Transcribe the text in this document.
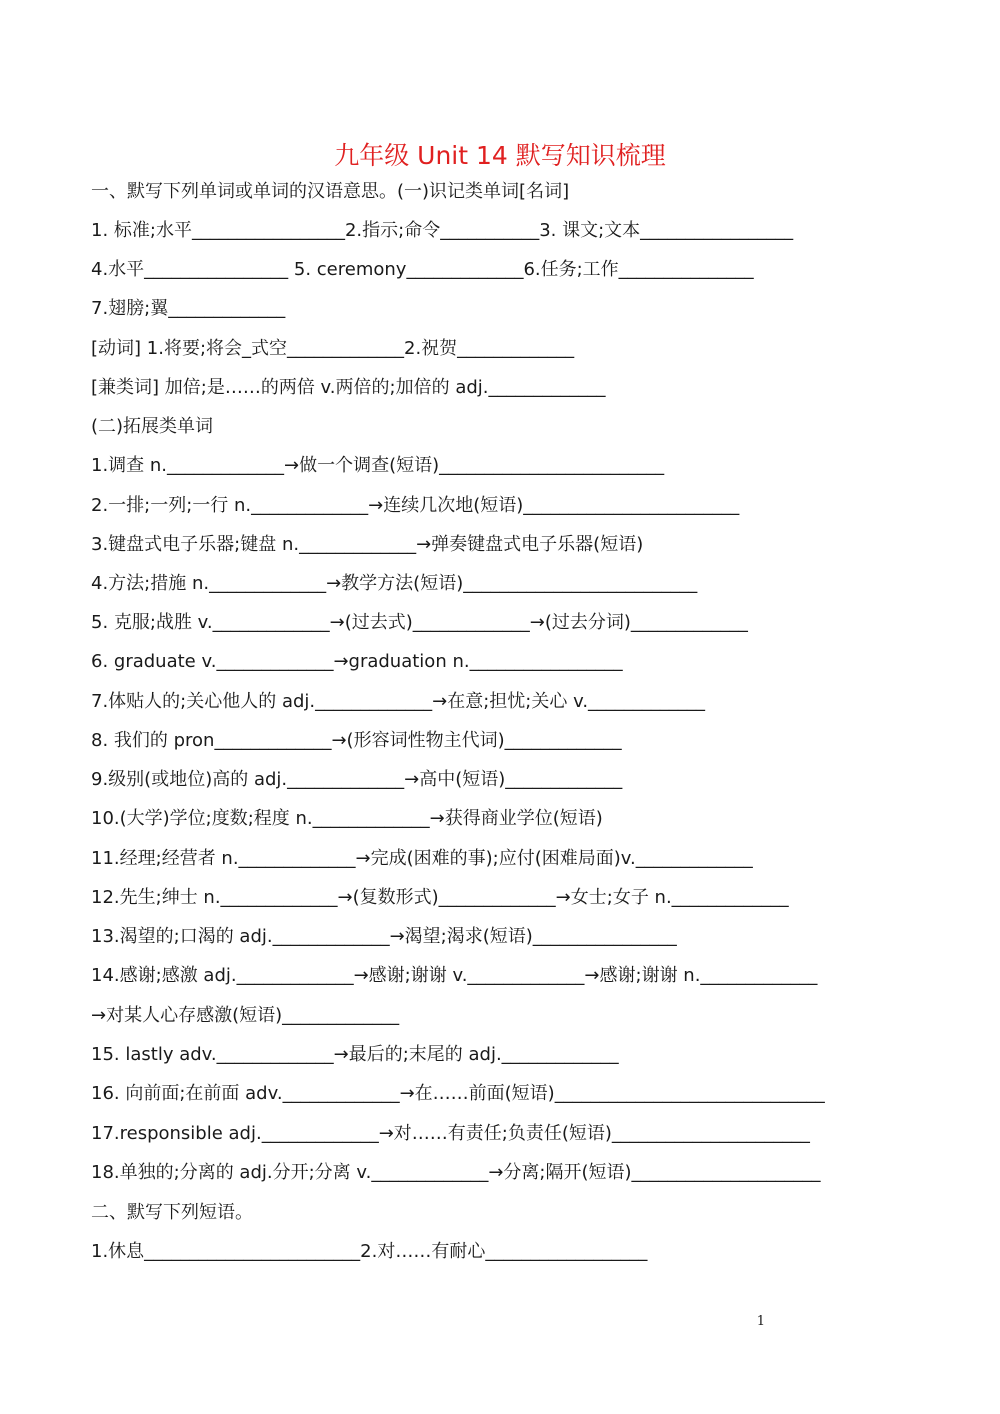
九年级 Unit 14 默写知识梳理
一、默写下列单词或单词的汉语意思。(一)识记类单词[名词]
1. 标准;水平_________________2.指示;命令___________3. 课文;文本_________________
4.水平________________ 5. ceremony_____________6.任务;工作_______________
7.翅膀;翼_____________
[动词] 1.将要;将会_式空_____________2.祝贺_____________
[兼类词] 加倍;是……的两倍 v.两倍的;加倍的 adj._____________
(二)拓展类单词
1.调查 n._____________→做一个调查(短语)_________________________
2.一排;一列;一行 n._____________→连续几次地(短语)________________________
3.键盘式电子乐器;键盘 n._____________→弹奏键盘式电子乐器(短语)
4.方法;措施 n._____________→教学方法(短语)__________________________
5. 克服;战胜 v._____________→(过去式)_____________→(过去分词)_____________
6. graduate v._____________→graduation n._________________
7.体贴人的;关心他人的 adj._____________→在意;担忧;关心 v._____________
8. 我们的 pron_____________→(形容词性物主代词)_____________
9.级别(或地位)高的 adj._____________→高中(短语)_____________
10.(大学)学位;度数;程度 n._____________→获得商业学位(短语)
11.经理;经营者 n._____________→完成(困难的事);应付(困难局面)v._____________
12.先生;绅士 n._____________→(复数形式)_____________→女士;女子 n._____________
13.渴望的;口渴的 adj._____________→渴望;渴求(短语)________________
14.感谢;感激 adj._____________→感谢;谢谢 v._____________→感谢;谢谢 n._____________
→对某人心存感激(短语)_____________
15. lastly adv._____________→最后的;末尾的 adj._____________
16. 向前面;在前面 adv._____________→在……前面(短语)______________________________
17.responsible adj._____________→对……有责任;负责任(短语)______________________
18.单独的;分离的 adj.分开;分离 v._____________→分离;隔开(短语)_____________________
二、默写下列短语。
1.休息________________________2.对……有耐心__________________
1
